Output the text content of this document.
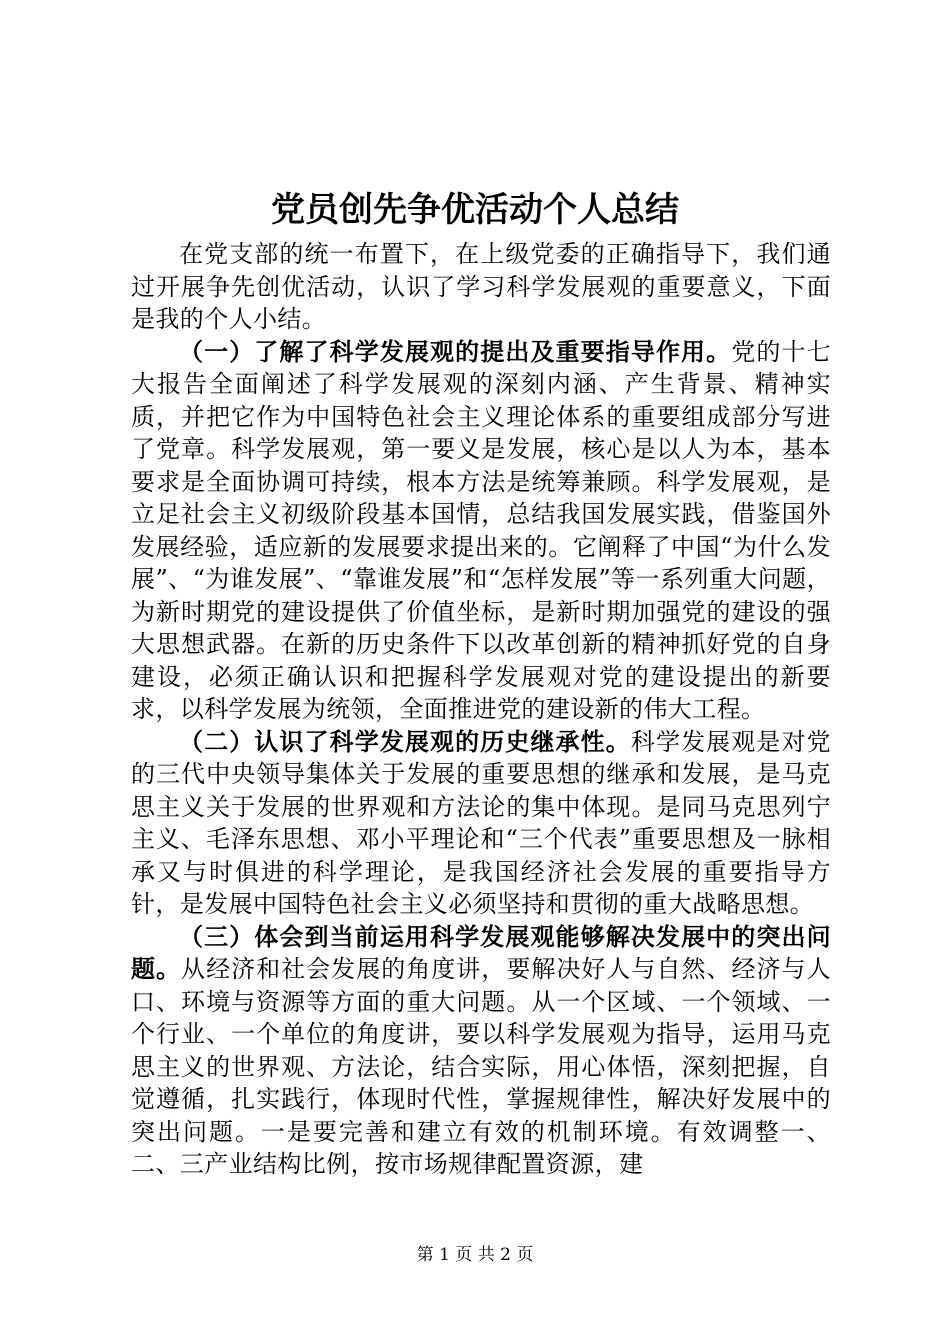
党员创先争优活动个人总结

在党支部的统一布置下，在上级党委的正确指导下，我们通过开展争先创优活动，认识了学习科学发展观的重要意义，下面是我的个人小结。

（一）了解了科学发展观的提出及重要指导作用。党的十七大报告全面阐述了科学发展观的深刻内涵、产生背景、精神实质，并把它作为中国特色社会主义理论体系的重要组成部分写进了党章。科学发展观，第一要义是发展，核心是以人为本，基本要求是全面协调可持续，根本方法是统筹兼顾。科学发展观，是立足社会主义初级阶段基本国情，总结我国发展实践，借鉴国外发展经验，适应新的发展要求提出来的。它阐释了中国“为什么发展”、“为谁发展”、“靠谁发展”和“怎样发展”等一系列重大问题，为新时期党的建设提供了价值坐标，是新时期加强党的建设的强大思想武器。在新的历史条件下以改革创新的精神抓好党的自身建设，必须正确认识和把握科学发展观对党的建设提出的新要求，以科学发展为统领，全面推进党的建设新的伟大工程。

（二）认识了科学发展观的历史继承性。科学发展观是对党的三代中央领导集体关于发展的重要思想的继承和发展，是马克思主义关于发展的世界观和方法论的集中体现。是同马克思列宁主义、毛泽东思想、邓小平理论和“三个代表”重要思想及一脉相承又与时俱进的科学理论，是我国经济社会发展的重要指导方针，是发展中国特色社会主义必须坚持和贯彻的重大战略思想。

（三）体会到当前运用科学发展观能够解决发展中的突出问题。从经济和社会发展的角度讲，要解决好人与自然、经济与人口、环境与资源等方面的重大问题。从一个区域、一个领域、一个行业、一个单位的角度讲，要以科学发展观为指导，运用马克思主义的世界观、方法论，结合实际，用心体悟，深刻把握，自觉遵循，扎实践行，体现时代性，掌握规律性，解决好发展中的突出问题。一是要完善和建立有效的机制环境。有效调整一、二、三产业结构比例，按市场规律配置资源，建

第 1 页 共 2 页
